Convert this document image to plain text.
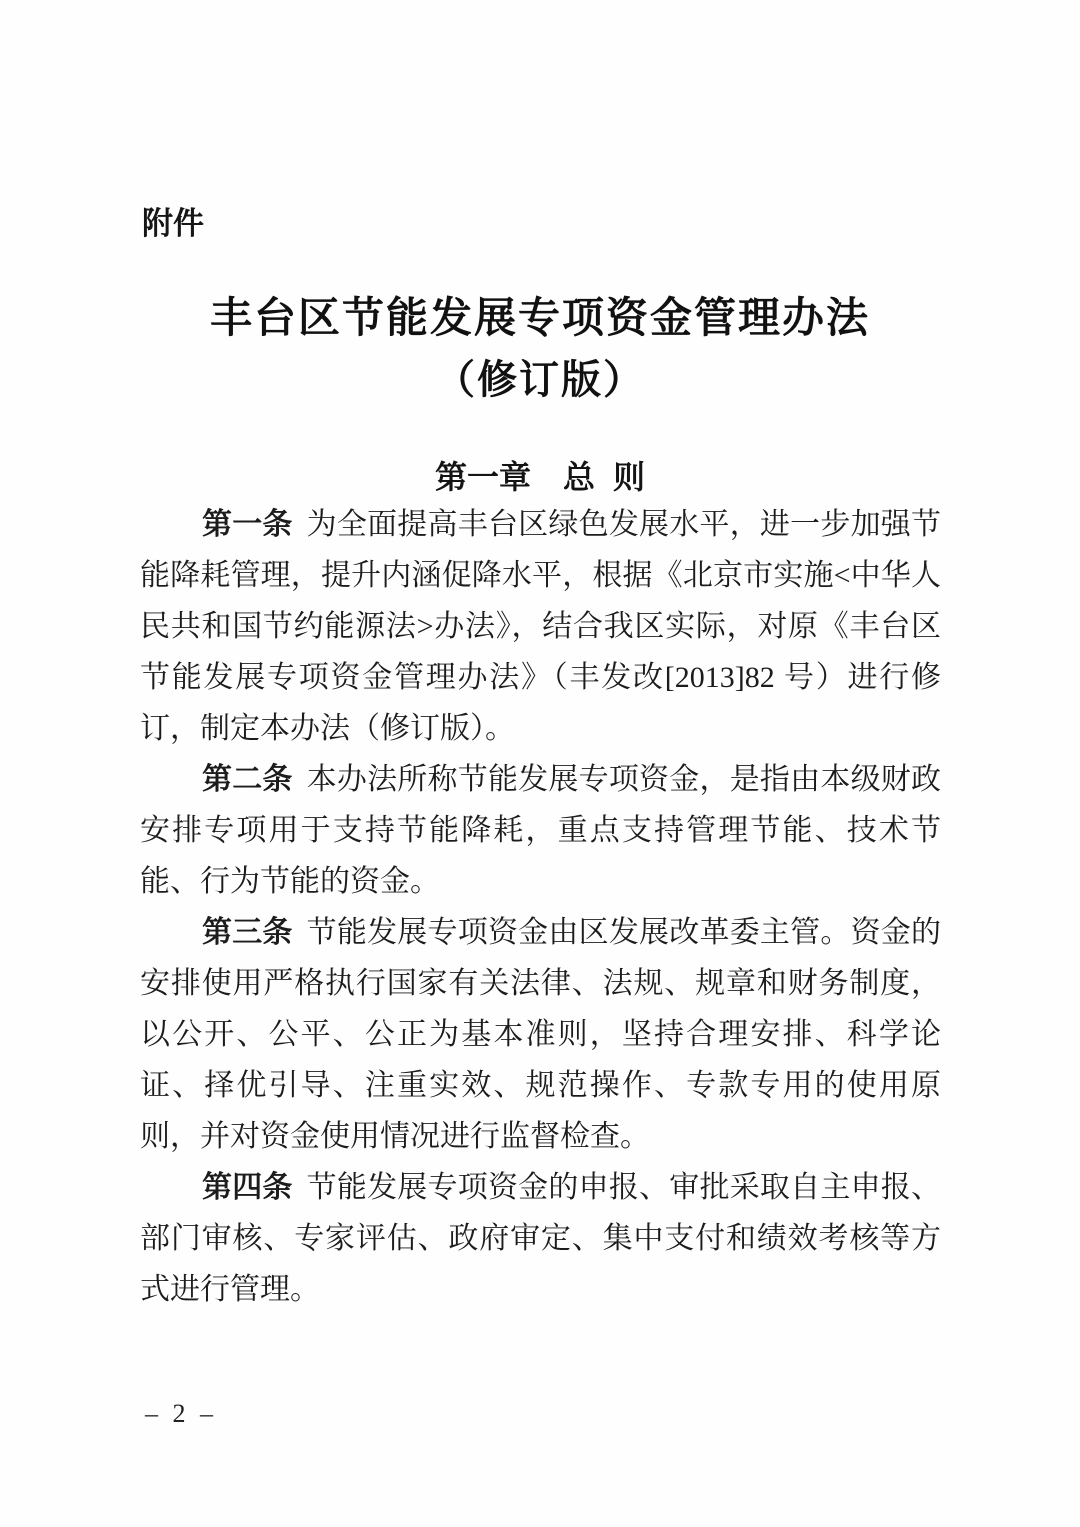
附件
丰台区节能发展专项资金管理办法
（修订版）
第一章　总 则

第一条 为全面提高丰台区绿色发展水平，进一步加强节能降耗管理，提升内涵促降水平，根据《北京市实施<中华人民共和国节约能源法>办法》，结合我区实际，对原《丰台区节能发展专项资金管理办法》（丰发改[2013]82 号）进行修订，制定本办法（修订版）。

第二条 本办法所称节能发展专项资金，是指由本级财政安排专项用于支持节能降耗，重点支持管理节能、技术节能、行为节能的资金。

第三条 节能发展专项资金由区发展改革委主管。资金的安排使用严格执行国家有关法律、法规、规章和财务制度，以公开、公平、公正为基本准则，坚持合理安排、科学论证、择优引导、注重实效、规范操作、专款专用的使用原则，并对资金使用情况进行监督检查。

第四条 节能发展专项资金的申报、审批采取自主申报、部门审核、专家评估、政府审定、集中支付和绩效考核等方式进行管理。

– 2 –
